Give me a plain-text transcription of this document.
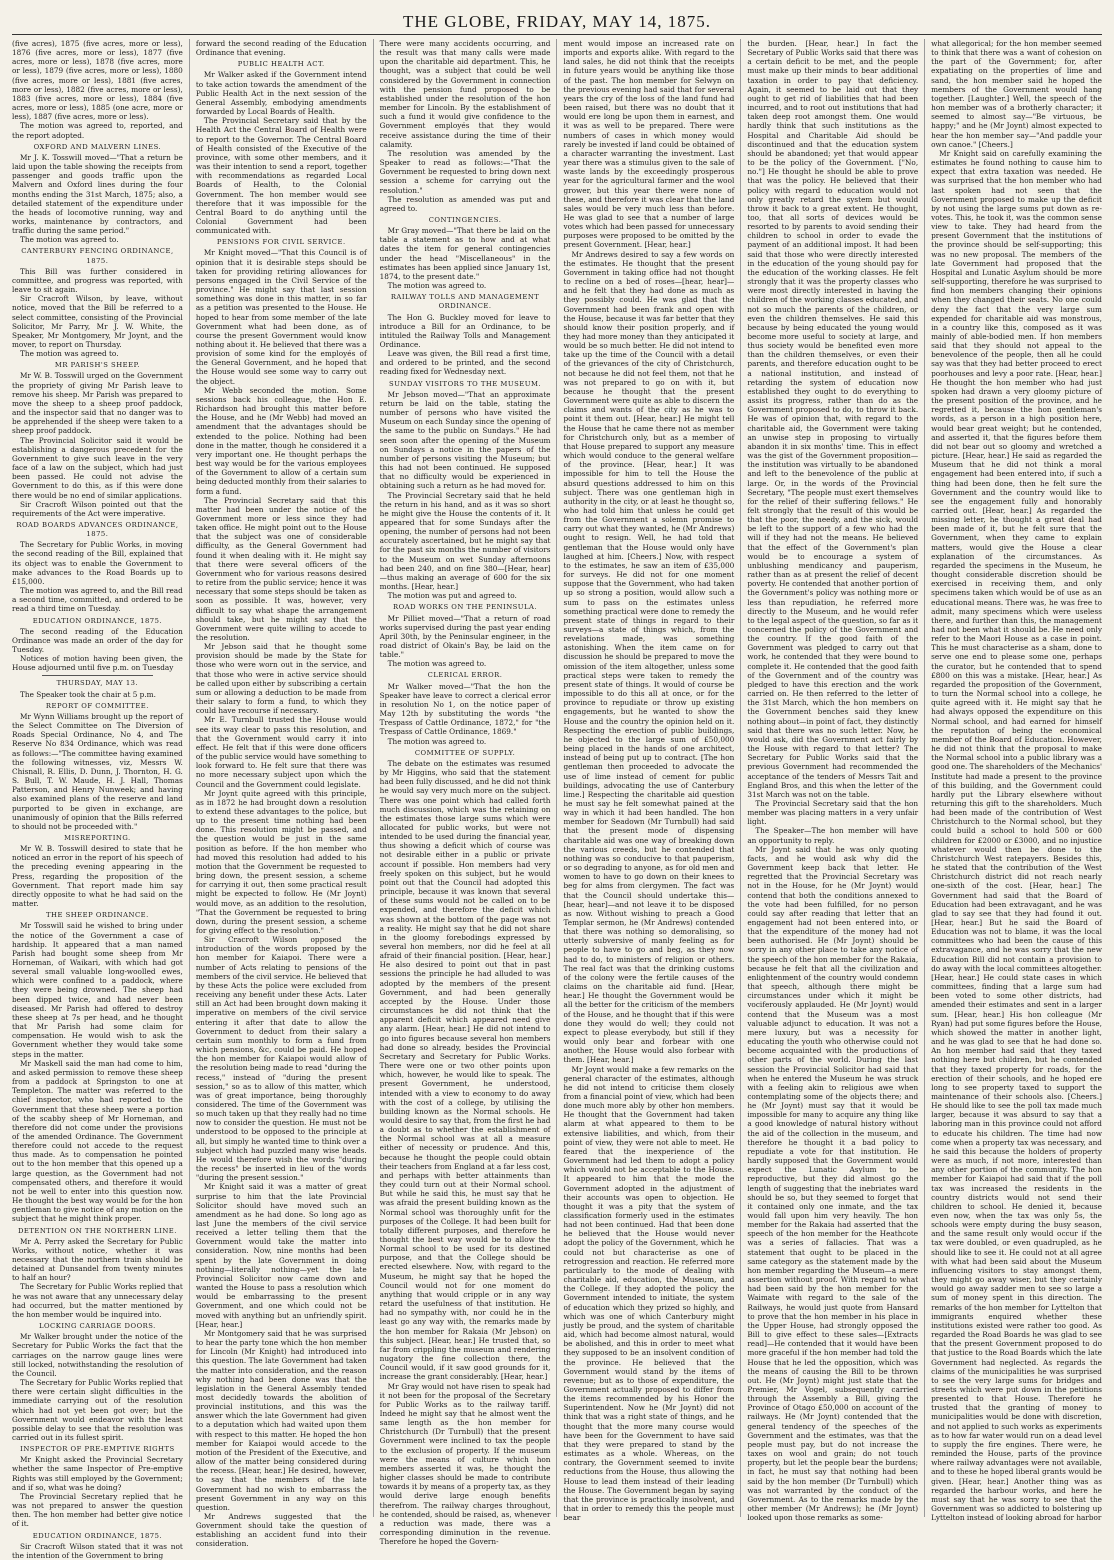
THE GLOBE, FRIDAY, MAY 14, 1875.

(five acres), 1875 (five acres, more or less), 1876 (five acres, more or less), 1877 (five acres, more or less), 1878 (five acres, more or less), 1879 (five acres, more or less), 1880 (five acres, more or less), 1881 (five acres, more or less), 1882 (five acres, more or less), 1883 (five acres, more or less), 1884 (five acres, more or less), 1885 (one acre, more or less), 1887 (five acres, more or less).

The motion was agreed to, reported, and the report adopted.

OXFORD AND MALVERN LINES.

Mr J. K. Tosswill moved—"That a return be laid upon the table showing the receipts from passenger and goods traffic upon the Malvern and Oxford lines during the four months ending the 31st March, 1875; also, a detailed statement of the expenditure under the heads of locomotive running, way and works, maintenance by contractors, and traffic during the same period."

The motion was agreed to.

CANTERBURY FENCING ORDINANCE, 1875.

This Bill was further considered in committee, and progress was reported, with leave to sit again.

Sir Cracroft Wilson, by leave, without notice, moved that the Bill be referred to a select committee, consisting of the Provincial Solicitor, Mr Parry, Mr J. W. White, the Speaker, Mr Montgomery, Mr Joynt, and the mover, to report on Thursday.

The motion was agreed to.

MR PARISH'S SHEEP.

Mr W. B. Tosswill urged on the Government the propriety of giving Mr Parish leave to remove his sheep. Mr Parish was prepared to move the sheep to a sheep proof paddock, and the inspector said that no danger was to be apprehended if the sheep were taken to a sheep proof paddock.

The Provincial Solicitor said it would be establishing a dangerous precedent for the Government to give such leave in the very face of a law on the subject, which had just been passed. He could not advise the Government to do this, as if this were done there would be no end of similar applications.

Sir Cracroft Wilson pointed out that the requirements of the Act were imperative.

ROAD BOARDS ADVANCES ORDINANCE, 1875.

The Secretary for Public Works, in moving the second reading of the Bill, explained that its object was to enable the Government to make advances to the Road Boards up to £15,000.

The motion was agreed to, and the Bill read a second time, committed, and ordered to be read a third time on Tuesday.

EDUCATION ORDINANCE, 1875.

The second reading of the Education Ordinance was made an order of the day for Tuesday.

Notices of motion having been given, the House adjourned until five p.m. on Tuesday

THURSDAY, MAY 13.

The Speaker took the chair at 5 p.m.

REPORT OF COMMITTEE.

Mr Wynn Williams brought up the report of the Select Committee on The Diversion of Roads Special Ordinance, No 4, and The Reserve No 834 Ordinance, which was read as follows:—"The committee having examined the following witnesses, viz, Messrs W. Chisnall, R. Ellis, D. Dunn, J. Thornton, H. G. S. Bull, T. W. Maude, H. J. Hall, Thomas Patterson, and Henry Nunweek; and having also examined plans of the reserve and land purported to be given in exchange, are unanimously of opinion that the Bills referred to should not be proceeded with."

MISREPORTING.

Mr W. B. Tosswill desired to state that he noticed an error in the report of his speech of the preceding evening appearing in the Press, regarding the proposition of the Government. That report made him say directly opposite to what he had said on the matter.

THE SHEEP ORDINANCE.

Mr Tosswill said he wished to bring under the notice of the Government a case of hardship. It appeared that a man named Parish had bought some sheep from Mr Horneman, of Waikari, with which had got several small valuable long-woolled ewes, which were confined to a paddock, where they were being drowned. The sheep had been dipped twice, and had never been diseased. Mr Parish had offered to destroy these sheep at 7s per head, and he thought that Mr Parish had some claim for compensation. He would wish to ask the Government whether they would take some steps in the matter.

Mr Maskell said the man had come to him, and asked permission to remove these sheep from a paddock at Springston to one at Templeton. The matter was referred to the chief inspector, who had reported to the Government that these sheep were a portion of the scabby sheep of Mr Horneman, and therefore did not come under the provisions of the amended Ordinance. The Government therefore could not accede to the request thus made. As to compensation he pointed out to the hon member that this opened up a large question, as the Government had not compensated others, and therefore it would not be well to enter into this question now. He thought the best way would be for the hon gentleman to give notice of any motion on the subject that he might think proper.

DETENTION ON THE NORTHERN LINE.

Mr A. Perry asked the Secretary for Public Works, without notice, whether it was necessary that the northern train should be detained at Dunsandel from twenty minutes to half an hour?

The Secretary for Public Works replied that he was not aware that any unnecessary delay had occurred, but the matter mentioned by the hon member would be inquired into.

LOCKING CARRIAGE DOORS.

Mr Walker brought under the notice of the Secretary for Public Works the fact that the carriages on the narrow gauge lines were still locked, notwithstanding the resolution of the Council.

The Secretary for Public Works replied that there were certain slight difficulties in the immediate carrying out of the resolution which had not yet been got over; but the Government would endeavor with the least possible delay to see that the resolution was carried out in its fullest spirit.

INSPECTOR OF PRE-EMPTIVE RIGHTS

Mr Knight asked the Provincial Secretary whether the same Inspector of Pre-emptive Rights was still employed by the Government; and if so, what was he doing?

The Provincial Secretary replied that he was not prepared to answer the question then. The hon member had better give notice of it.

EDUCATION ORDINANCE, 1875.

Sir Cracroft Wilson stated that it was not the intention of the Government to bring

forward the second reading of the Education Ordinance that evening.

PUBLIC HEALTH ACT.

Mr Walker asked if the Government intend to take action towards the amendment of the Public Health Act in the next session of the General Assembly, embodying amendments forwarded by Local Boards of Health.

The Provincial Secretary said that by the Health Act the Central Board of Health were to report to the Governor. The Central Board of Health consisted of the Executive of the province, with some other members, and it was their intention to send a report, together with recommendations as regarded Local Boards of Health, to the Colonial Government. The hon member would see therefore that it was impossible for the Central Board to do anything until the Colonial Government had been communicated with.

PENSIONS FOR CIVIL SERVICE.

Mr Knight moved—"That this Council is of opinion that it is desirable steps should be taken for providing retiring allowances for persons engaged in the Civil Service of the province." He might say that last session something was done in this matter, in so far as a petition was presented to the House. He hoped to hear from some member of the late Government what had been done, as of course the present Government would know nothing about it. He believed that there was a provision of some kind for the employés of the General Government, and he hoped that the House would see some way to carry out the object.

Mr Webb seconded the motion. Some sessions back his colleague, the Hon E. Richardson had brought this matter before the House, and he (Mr Webb) had moved an amendment that the advantages should be extended to the police. Nothing had been done in the matter, though he considered it a very important one. He thought perhaps the best way would be for the various employees of the Government to allow of a certain sum being deducted monthly from their salaries to form a fund.

The Provincial Secretary said that this matter had been under the notice of the Government more or less since they had taken office. He might point out to the House that the subject was one of considerable difficulty, as the General Government had found it when dealing with it. He might say that there were several officers of the Government who for various reasons desired to retire from the public service; hence it was necessary that some steps should be taken as soon as possible. It was, however, very difficult to say what shape the arrangement should take, but he might say that the Government were quite willing to accede to the resolution.

Mr Jebson said that he thought some provision should be made by the State for those who were worn out in the service, and that those who were in active service should be called upon either by subscribing a certain sum or allowing a deduction to be made from their salary to form a fund, to which they could have recourse if necessary.

Mr E. Turnbull trusted the House would see its way clear to pass this resolution, and that the Government would carry it into effect. He felt that if this were done officers of the public service would have something to look forward to. He felt sure that there was no more necessary subject upon which the Council and the Government could legislate.

Mr Joynt quite agreed with this principle, as in 1872 he had brought down a resolution to extend these advantages to the police, but up to the present time nothing had been done. This resolution might be passed, and the question would be just in the same position as before. If the hon member who had moved this resolution had added to his motion that the Government be requested to bring down, the present session, a scheme for carrying it out, then some practical result might be expected to follow. He (Mr Joynt) would move, as an addition to the resolution, "That the Government be requested to bring down, during the present session, a scheme for giving effect to the resolution."

Sir Cracroft Wilson opposed the introduction of the words proposed by the hon member for Kaiapoi. There were a number of Acts relating to pensions of the members of the civil service. He believed that by these Acts the police were excluded from receiving any benefit under these Acts. Later still an Act had been brought down making it imperative on members of the civil service entering it after that date to allow the Government to deduct from their salary a certain sum monthly to form a fund from which pensions, &c, could be paid. He hoped the hon member for Kaiapoi would allow of the resolution being made to read "during the recess," instead of "during the present session," so as to allow of this matter, which was of great importance, being thoroughly considered. The time of the Government was so much taken up that they really had no time now to consider the question. He must not be understood to be opposed to the principle at all, but simply he wanted time to think over a subject which had puzzled many wise heads. He would therefore wish the words "during the recess" be inserted in lieu of the words "during the present session."

Mr Knight said it was a matter of great surprise to him that the late Provincial Solicitor should have moved such an amendment as he had done. So long ago as last June the members of the civil service received a letter telling them that the Government would take the matter into consideration. Now, nine months had been spent by the late Government in doing nothing—literally nothing—yet the late Provincial Solicitor now came down and wanted the House to pass a resolution which would be embarrassing to the present Government, and one which could not be moved with anything but an unfriendly spirit. [Hear, hear.]

Mr Montgomery said that he was surprised to hear the party tone which the hon member for Lincoln (Mr Knight) had introduced into this question. The late Government had taken the matter into consideration, and the reason why nothing had been done was that the legislation in the General Assembly tended most decidedly towards the abolition of provincial institutions, and this was the answer which the late Government had given to a deputation which had waited upon them with respect to this matter. He hoped the hon member for Kaiapoi would accede to the motion of the President of the Executive, and allow of the matter being considered during the recess. [Hear, hear.] He desired, however, to say that the members of the late Government had no wish to embarrass the present Government in any way on this question.

Mr Andrews suggested that the Government should take the question of establishing an accident fund into their consideration.

There were many accidents occurring, and the result was that many calls were made upon the charitable aid department. This, he thought, was a subject that could be well considered by the Government in connection with the pension fund proposed to be established under the resolution of the hon member for Lincoln. By the establishment of such a fund it would give confidence to the Government employés that they would receive assistance during the time of their calamity.

The resolution was amended by the Speaker to read as follows:—"That the Government be requested to bring down next session a scheme for carrying out the resolution."

The resolution as amended was put and agreed to.

CONTINGENCIES.

Mr Gray moved—"That there be laid on the table a statement as to how and at what dates the item for general contingencies under the head "Miscellaneous" in the estimates has been applied since January 1st, 1874, to the present date."

The motion was agreed to.

RAILWAY TOLLS AND MANAGEMENT ORDINANCE.

The Hon G. Buckley moved for leave to introduce a Bill for an Ordinance, to be intituled the Railway Tolls and Management Ordinance.

Leave was given, the Bill read a first time, and ordered to be printed, and the second reading fixed for Wednesday next.

SUNDAY VISITORS TO THE MUSEUM.

Mr Jebson moved—"That an approximate return be laid on the table, stating the number of persons who have visited the Museum on each Sunday since the opening of the same to the public on Sundays." He had seen soon after the opening of the Museum on Sundays a notice in the papers of the number of persons visiting the Museum; but this had not been continued. He supposed that no difficulty would be experienced in obtaining such a return as he had moved for.

The Provincial Secretary said that he held the return in his hand, and as it was so short he might give the House the contents of it. It appeared that for some Sundays after the opening, the number of persons had not been accurately ascertained, but he might say that for the past six months the number of visitors to the Museum on wet Sunday afternoons had been 240, and on fine 380—[Hear, hear]—thus making an average of 600 for the six months. [Hear, hear.]

The motion was put and agreed to.

ROAD WORKS ON THE PENINSULA.

Mr Pilliet moved—"That a return of road works supervised during the past year ending April 30th, by the Peninsular engineer, in the road district of Okain's Bay, be laid on the table."

The motion was agreed to.

CLERICAL ERROR.

Mr Walker moved—"That the hon the Speaker have leave to correct a clerical error in resolution No 1, on the notice paper of May 12th by substituting the words "the Trespass of Cattle Ordinance, 1872," for "the Trespass of Cattle Ordinance, 1869."

The motion was agreed to.

COMMITTEE OF SUPPLY.

The debate on the estimates was resumed by Mr Higgins, who said that the statement had been fully discussed, and he did not think he would say very much more on the subject. There was one point which had called forth much discussion, which was the retaining on the estimates those large sums which were allocated for public works, but were not intended to be used during the financial year, thus showing a deficit which of course was not desirable either in a public or private account if possible. Hon members had very freely spoken on this subject, but he would point out that the Council had adopted this principle, because it was known that several of these sums would not be called on to be expended, and therefore the deficit which was shown at the bottom of the page was not a reality. He might say that he did not share in the gloomy forebodings expressed by several hon members, nor did he feel at all afraid of their financial position. [Hear, hear.] He also desired to point out that in past sessions the principle he had alluded to was adopted by the members of the present Government, and had been generally accepted by the House. Under those circumstances he did not think that the apparent deficit which appeared need give any alarm. [Hear, hear.] He did not intend to go into figures because several hon members had done so already, besides the Provincial Secretary and Secretary for Public Works. There were one or two other points upon which, however, he would like to speak. The present Government, he understood, intended with a view to economy to do away with the cost of a college, by utilising the building known as the Normal schools. He would desire to say that, from the first he had a doubt as to whether the establishment of the Normal school was at all a measure either of necessity or prudence. And this, because he thought the people could obtain their teachers from England at a far less cost, and perhaps with better attainments than they could turn out at their Normal school. But while he said this, he must say that he was afraid the present building known as the Normal school was thoroughly unfit for the purposes of the College. It had been built for totally different purposes, and therefore he thought the best way would be to allow the Normal school to be used for its destined purpose, and that the College should be erected elsewhere. Now, with regard to the Museum, he might say that he hoped the Council would not for one moment do anything that would cripple or in any way retard the usefulness of that institution. He had no sympathy with, nor could he in the least go any way with, the remarks made by the hon member for Rakaia (Mr Jebson) on this subject. [Hear, hear.] He trusted that, so far from crippling the museum and rendering nugatory the fine collection there, the Council would, if it saw good grounds for it, increase the grant considerably. [Hear, hear.]

Mr Gray would not have risen to speak had it not been for the proposal of the Secretary for Public Works as to the railway tariff. Indeed he might say that he almost went the same length as the hon member for Christchurch (Dr Turnbull) that the present Government were inclined to tax the people to the exclusion of property. If the museum were the means of culture which hon members asserted it was, he thought the higher classes should be made to contribute towards it by means of a property tax, as they would derive large enough benefits therefrom. The railway charges throughout, he contended, should be raised, as, whenever a reduction was made, there was a corresponding diminution in the revenue. Therefore he hoped the Govern-

ment would impose an increased rate on imports and exports alike. With regard to the land sales, he did not think that the receipts in future years would be anything like those of the past. The hon member for Selwyn on the previous evening had said that for several years the cry of the loss of the land fund had been raised, but there was no doubt that it would ere long be upon them in earnest, and it was as well to be prepared. There were numbers of cases in which money would rarely be invested if land could be obtained of a character warranting the investment. Last year there was a stimulus given to the sale of waste lands by the exceedingly prosperous year for the agricultural farmer and the wool grower, but this year there were none of these, and therefore it was clear that the land sales would be very much less than before. He was glad to see that a number of large votes which had been passed for unnecessary purposes were proposed to be omitted by the present Government. [Hear, hear.]

Mr Andrews desired to say a few words on the estimates. He thought that the present Government in taking office had not thought to recline on a bed of roses—[hear, hear]—and he felt that they had done as much as they possibly could. He was glad that the Government had been frank and open with the House, because it was far better that they should know their position properly, and if they had more money than they anticipated it would be so much better. He did not intend to take up the time of the Council with a detail of the grievances of the city of Christchurch, not because he did not feel them, not that he was not prepared to go on with it, but because he thought that the present Government were quite as able to discern the claims and wants of the city as he was to point it them out. [Hear, hear.] He might tell the House that he came there not as member for Christchurch only, but as a member of that House prepared to support any measure which would conduce to the general welfare of the province. [Hear, hear.] It was impossible for him to tell the House the absurd questions addressed to him on this subject. There was one gentleman high in authority in the city, or at least he thought so, who had told him that unless he could get from the Government a solemn promise to carry out what they wanted, he (Mr Andrews) ought to resign. Well, he had told that gentleman that the House would only have laughed at him. [Cheers.] Now, with respect to the estimates, he saw an item of £35,000 for surveys. He did not for one moment suppose that the Government, who had taken up so strong a position, would allow such a sum to pass on the estimates unless something practical were done to remedy the present state of things in regard to their surveys—a state of things which, from the revelations made, was something astonishing. When the item came on for discussion he should be prepared to move the omission of the item altogether, unless some practical steps were taken to remedy the present state of things. It would of course be impossible to do this all at once, or for the province to repudiate or throw up existing engagements, but he wanted to show the House and the country the opinion held on it. Respecting the erection of public buildings, he objected to the large sum of £50,000 being placed in the hands of one architect, instead of being put up to contract. [The hon gentleman then proceeded to advocate the use of lime instead of cement for public buildings, advocating the use of Canterbury lime.] Respecting the charitable aid question he must say he felt somewhat pained at the way in which it had been handled. The hon member for Seadown (Mr Turnbull) had said that the present mode of dispensing charitable aid was one way of breaking down the various creeds, but he contended that nothing was so conducive to that pauperism, or so degrading to anyone, as for old men and women to have to go down on their knees to beg for alms from clergymen. The fact was that the Council should undertake this—[hear, hear]—and not leave it to be disposed as now. Without wishing to preach a Good Templar sermon, he (Mr Andrews) contended that there was nothing so demoralising, so utterly subversive of manly feeling as for people to have to go and beg, as they now had to do, to ministers of religion or others. The real fact was that the drinking customs of the colony were the fertile causes of the claims on the charitable aid fund. [Hear, hear.] He thought the Government would be all the better for the criticism of the members of the House, and he thought that if this were done they would do well; they could not expect to please everybody, but still if they would only bear and forbear with one another, the House would also forbear with them. [Hear, hear.]

Mr Joynt would make a few remarks on the general character of the estimates, although he did not intend to criticise them closely from a financial point of view, which had been done much more ably by other hon members. He thought that the Government had taken alarm at what appeared to them to be extensive liabilities, and which, from their point of view, they were not able to meet. He feared that the inexperience of the Government had led them to adopt a policy which would not be acceptable to the House. It appeared to him that the mode the Government adopted in the adjustment of their accounts was open to objection. He thought it was a pity that the system of classification formerly used in the estimates had not been continued. Had that been done he believed that the House would never adopt the policy of the Government, which he could not but characterise as one of retrogression and reaction. He referred more particularly to the mode of dealing with charitable aid, education, the Museum, and the College. If they adopted the policy the Government intended to initiate, the system of education which they prized so highly, and which was one of which Canterbury might justly be proud, and the system of charitable aid, which had become almost natural, would be abolished, and this in order to meet what they supposed to be an insolvent condition of the province. He believed that the Government would stand by the items of revenue; but as to those of expenditure, the Government actually proposed to differ from the items recommended by his Honor the Superintendent. Now he (Mr Joynt) did not think that was a right state of things, and he thought that the more many course would have been for the Government to have said that they were prepared to stand by the estimates as a whole. Whereas, on the contrary, the Government seemed to invite reductions from the House, thus allowing the House to lead them instead of their leading the House. The Government began by saying that the province is practically insolvent, and that in order to remedy this the people must bear

the burden. [Hear, hear.] In fact the Secretary of Public Works said that there was a certain deficit to be met, and the people must make up their minds to bear additional taxation in order to pay that deficiency. Again, it seemed to be laid out that they ought to get rid of liabilities that had been incurred, and to root out institutions that had taken deep root amongst them. One would hardly think that such institutions as the Hospital and Charitable Aid should be discontinued and that the education system should be abandoned; yet that would appear to be the policy of the Government. ["No, no."] He thought he should be able to prove that was the policy. He believed that their policy with regard to education would not only greatly retard the system but would throw it back to a great extent. He thought, too, that all sorts of devices would be resorted to by parents to avoid sending their children to school in order to evade the payment of an additional impost. It had been said that those who were directly interested in the education of the young should pay for the education of the working classes. He felt strongly that it was the property classes who were most directly interested in having the children of the working classes educated, and not so much the parents of the children, or even the children themselves. He said this because by being educated the young would become more useful to society at large, and thus society would be benefited even more than the children themselves, or even their parents, and therefore education ought to be a national institution, and instead of retarding the system of education now established they ought to do everything to assist its progress, rather than do as the Government proposed to do, to throw it back. He was of opinion that, with regard to the charitable aid, the Government were taking an unwise step in proposing to virtually abandon it in six months' time. This in effect was the gist of the Government proposition—the institution was virtually to be abandoned and left to the benevolence of the public at large. Or, in the words of the Provincial Secretary, "The people must exert themselves for the relief of their suffering fellows." He felt strongly that the result of this would be that the poor, the needy, and the sick, would be left to the support of a few who had the will if they had not the means. He believed that the effect of the Government's plan would be to encourage a system of unblushing mendicancy and pauperism, rather than as at present the relief of decent poverty. He contended that another portion of the Government's policy was nothing more or less than repudiation, he referred more directly to the Museum, and he would refer to the legal aspect of the question, so far as it concerned the policy of the Government and the country. If the good faith of the Government was pledged to carry out that work, he contended that they were bound to complete it. He contended that the good faith of the Government and of the country was pledged to have this erection and the work carried on. He then referred to the letter of the 31st March, which the hon members on the Government benches said they knew nothing about—in point of fact, they distinctly said that there was no such letter. Now, he would ask, did the Government act fairly by the House with regard to that letter? The Secretary for Public Works said that the previous Government had recommended the acceptance of the tenders of Messrs Tait and England Bros, and this when the letter of the 31st March was not on the table.

The Provincial Secretary said that the hon member was placing matters in a very unfair light.

The Speaker—The hon member will have an opportunity to reply.

Mr Joynt said that he was only quoting facts, and he would ask why did the Government keep back that letter. He regretted that the Provincial Secretary was not in the House, for he (Mr Joynt) would contend that both the conditions annexed to the vote had been fulfilled, for no person could say after reading that letter that an engagement had not been entered into, or that the expenditure of the money had not been authorised. He (Mr Joynt) should be sorry in any other place to take any notice of the speech of the hon member for the Rakaia, because he felt that all the civilization and enlightenment of the country would condemn that speech, although there might be circumstances under which it might be vociferously applauded. He (Mr Joynt) would contend that the Museum was a most valuable adjunct to education. It was not a mere luxury, but was a necessity for educating the youth who otherwise could not become acquainted with the productions of other parts of the world. During the last session the Provincial Solicitor had said that when he entered the Museum he was struck with a feeling akin to religious awe when contemplating some of the objects there; and he (Mr Joynt) must say that it would be impossible for many to acquire any thing like a good knowledge of natural history without the aid of the collection in the museum, and therefore he thought it a bad policy to repudiate a vote for that institution. He hardly supposed that the Government would expect the Lunatic Asylum to be reproductive, but they did almost go the length of suggesting that the inebriates ward should be so, but they seemed to forget that it contained only one inmate, and the tax would fall upon him very heavily. The hon member for the Rakaia had asserted that the speech of the hon member for the Heathcote was a series of fallacies. That was a statement that ought to be placed in the same category as the statement made by the hon member regarding the Museum—a mere assertion without proof. With regard to what had been said by the hon member for the Waimate with regard to the sale of the Railways, he would just quote from Hansard to prove that the hon member in his place in the Upper House, had strongly opposed the Bill to give effect to these sales—[Extracts read]—He contended that it would have been more graceful if the hon member had told the House that he led the opposition, which was the means of causing the Bill to be thrown out. He (Mr Joynt) might just state that the Premier, Mr Vogel, subsequently carried through the Assembly a Bill, giving the Province of Otago £50,000 on account of the railways. He (Mr Joynt) contended that the general tendency of the speeches of the Government and the estimates, was that the people must pay, but do not increase the taxes on wool and grain; do not touch property, but let the people bear the burdens; in fact, he must say that nothing had been said by the hon member (Dr Turnbull) which was not warranted by the conduct of the Government. As to the remarks made by the other member (Mr Andrews); he (Mr Joynt) looked upon those remarks as some-

what allegorical; for the hon member seemed to think that there was a want of cohesion on the part of the Government; for, after expatiating on the properties of lime and sand, the hon member said he hoped the members of the Government would hang together. [Laughter.] Well, the speech of the hon member was of a brotherly character; it seemed to almost say—"Be virtuous, be happy;" and he (Mr Joynt) almost expected to hear the hon member say—"And paddle your own canoe." [Cheers.]

Mr Knight said on carefully examining the estimates he found nothing to cause him to expect that extra taxation was needed. He was surprised that the hon member who had last spoken had not seen that the Government proposed to make up the deficit by not using the large sums put down as re-votes. This, he took it, was the common sense view to take. They had heard from the present Government that the institutions of the province should be self-supporting; this was no new proposal. The members of the late Government had proposed that the Hospital and Lunatic Asylum should be more self-supporting, therefore he was surprised to find hon members changing their opinions when they changed their seats. No one could deny the fact that the very large sum expended for charitable aid was monstrous, in a country like this, composed as it was mainly of able-bodied men. If hon members said that they should not appeal to the benevolence of the people, then all he could say was that they had better proceed to erect poorhouses and levy a poor rate. [Hear, hear.] He thought the hon member who had just spoken had drawn a very gloomy picture of the present position of the province, and he regretted it, because the hon gentleman's words, as a person in a high position here, would bear great weight; but he contended, and asserted it, that the figures before them did not bear out so gloomy and wretched a picture. [Hear, hear.] He said as regarded the Museum that he did not think a moral engagement had been entered into, if such a thing had been done, then he felt sure the Government and the country would like to see the engagement fully and honorably carried out. [Hear, hear.] As regarded the missing letter, he thought a great deal had been made of it, but he felt sure that the Government, when they came to explain matters, would give the House a clear explanation of the circumstances. As regarded the specimens in the Museum, he thought considerable discretion should be exercised in receiving them, and only specimens taken which would be of use as an educational means. There was, he was free to admit, many specimens which were useless there, and further than this, the management had not been what it should be. He need only refer to the Maori House as a case in point. This he must characterise as a sham, done to serve one end to please some one, perhaps the curator, but he contended that to spend £800 on this was a mistake. [Hear, hear.] As regarded the proposition of the Government, to turn the Normal school into a college, he quite agreed with it. He might say that he had always opposed the expenditure on this Normal school, and had earned for himself the reputation of being the economical member of the Board of Education. However, he did not think that the proposal to make the Normal school into a public library was a good one. The shareholders of the Mechanics' Institute had made a present to the province of this building, and the Government could hardly put the Library elsewhere without returning this gift to the shareholders. Much had been made of the contribution of West Christchurch to the Normal school, but they could build a school to hold 500 or 600 children for £2000 or £3000, and no injustice whatever would then be done to the Christchurch West ratepayers. Besides this, he stated that the contribution of the West Christchurch district did not reach nearly one-sixth of the cost. [Hear, hear.] The Government had said that the Board of Education had been extravagant, and he was glad to say see that they had found it out. [Hear, hear.] But he said the Board of Education was not to blame, it was the local committees who had been the cause of this extravagance, and he was sorry that the new Education Bill did not contain a provision to do away with the local committees altogether. [Hear, hear.] He could state cases in which committees, finding that a large sum had been voted to some other districts, had amended their estimates and sent in a larger sum. [Hear, hear.] His hon colleague (Mr Ryan) had put some figures before the House, which showed the matter in another light, and he was glad to see that he had done so. An hon member had said that they taxed nothing here but children, but he contended that they taxed property for roads, for the erection of their schools, and he hoped ere long to see property taxed to support the maintenance of their schools also. [Cheers.] He should like to see the poll tax made much larger, because it was absurd to say that a laboring man in this province could not afford to educate his children. The time had now come when a property tax was necessary, and he said this because the holders of property were as much, if not more, interested than any other portion of the community. The hon member for Kaiapoi had said that if the poll tax was increased the residents in the country districts would not send their children to school. He denied it, because even now, when the tax was only 5s, the schools were empty during the busy season, and the same result only would occur if the tax were doubled, or even quadrupled, as he should like to see it. He could not at all agree with what had been said about the Museum influencing visitors to stay amongst them, they might go away wiser, but they certainly would go away sadder men to see so large a sum of money spent in this direction. The remarks of the hon member for Lyttelton that immigrants enquired whether these institutions existed were rather too good. As regarded the Road Boards he was glad to see that the present Government proposed to do that justice to the Road Boards which the late Government had neglected. As regards the claims of the municipalities he was surprised to see the very large sums for bridges and streets which were put down in the petitions presented to that House. Therefore he trusted that the granting of money to municipalities would be done with discretion, and not applied to such works as experiments as to how far water would run on a dead level to supply the fire engines. There were, he reminded the House, parts of the province where railway advantages were not available, and to these he hoped liberal grants would be given. [Hear, hear.] Another thing was as regarded the harbour works, and here he must say that he was sorry to see that the Government was so addicted to bolstering up Lyttelton instead of looking abroad for harbor
